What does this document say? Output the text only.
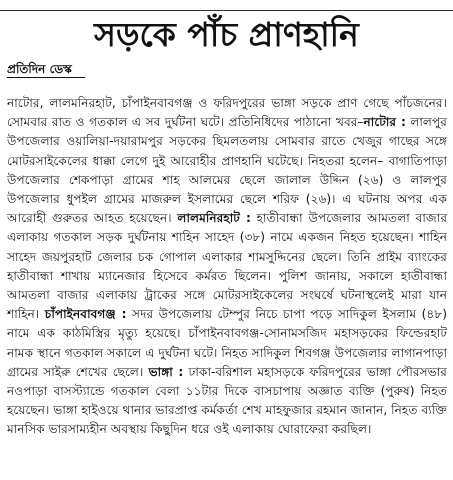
সড়কে পাঁচ প্রাণহানি
প্রতিদিন ডেস্ক
নাটোর, লালমনিরহাট, চাঁপাইনবাবগঞ্জ ও ফরিদপুরের ভাঙ্গা সড়কে প্রাণ গেছে পাঁচজনের। সোমবার রাত ও গতকাল এ সব দুর্ঘটনা ঘটে। প্রতিনিধিদের পাঠানো খবর–নাটোর : লালপুর উপজেলার ওয়ালিয়া-দয়ারামপুর সড়কের ছিমলতলায় সোমবার রাতে খেজুর গাছের সঙ্গে মোটরসাইকেলের ধাক্কা লেগে দুই আরোহীর প্রাণহানি ঘটেছে। নিহতরা হলেন– বাগাতিপাড়া উপজেলার শেকপাড়া গ্রামের শাহ আলমের ছেলে জালাল উদ্দিন (২৬) ও লালপুর উপজেলার ধুপইল গ্রামের মাজরুল ইসলামের ছেলে শরিফ (২৬)। এ ঘটনায় অপর এক আরোহী গুরুতর আহত হয়েছেন। লালমনিরহাট : হাতীবান্ধা উপজেলার আমতলা বাজার এলাকায় গতকাল সড়ক দুর্ঘটনায় শাহিন সাহেদ (৩৮) নামে একজন নিহত হয়েছেন। শাহিন সাহেদ জয়পুরহাট জেলার চক গোপাল এলাকার শামসুদ্দিনের ছেলে। তিনি প্রাইম ব্যাংকের হাতীবান্ধা শাখায় ম্যানেজার হিসেবে কর্মরত ছিলেন। পুলিশ জানায়, সকালে হাতীবান্ধা আমতলা বাজার এলাকায় ট্রাকের সঙ্গে মোটরসাইকেলের সংঘর্ষে ঘটনাস্থলেই মারা যান শাহিন। চাঁপাইনবাবগঞ্জ : সদর উপজেলায় টেম্পুর নিচে চাপা পড়ে সাদিকুল ইসলাম (৪৮) নামে এক কাঠমিস্ত্রির মৃত্যু হয়েছে। চাঁপাইনবাবগঞ্জ-সোনামসজিদ মহাসড়কের ফিল্ডেরহাট নামক স্থানে গতকাল সকালে এ দুর্ঘটনা ঘটে। নিহত সাদিকুল শিবগঞ্জ উপজেলার লাগানপাড়া গ্রামের সাইরু শেখের ছেলে। ভাঙ্গা : ঢাকা-বরিশাল মহাসড়কে ফরিদপুরের ভাঙ্গা পৌরসভার নওপাড়া বাসস্ট্যান্ডে গতকাল বেলা ১১টার দিকে বাসচাপায় অজ্ঞাত ব্যক্তি (পুরুষ) নিহত হয়েছেন। ভাঙ্গা হাইওয়ে থানার ভারপ্রাপ্ত কর্মকর্তা শেখ মাহফুজার রহমান জানান, নিহত ব্যক্তি মানসিক ভারসাম্যহীন অবস্থায় কিছুদিন ধরে ওই এলাকায় ঘোরাফেরা করছিল।
